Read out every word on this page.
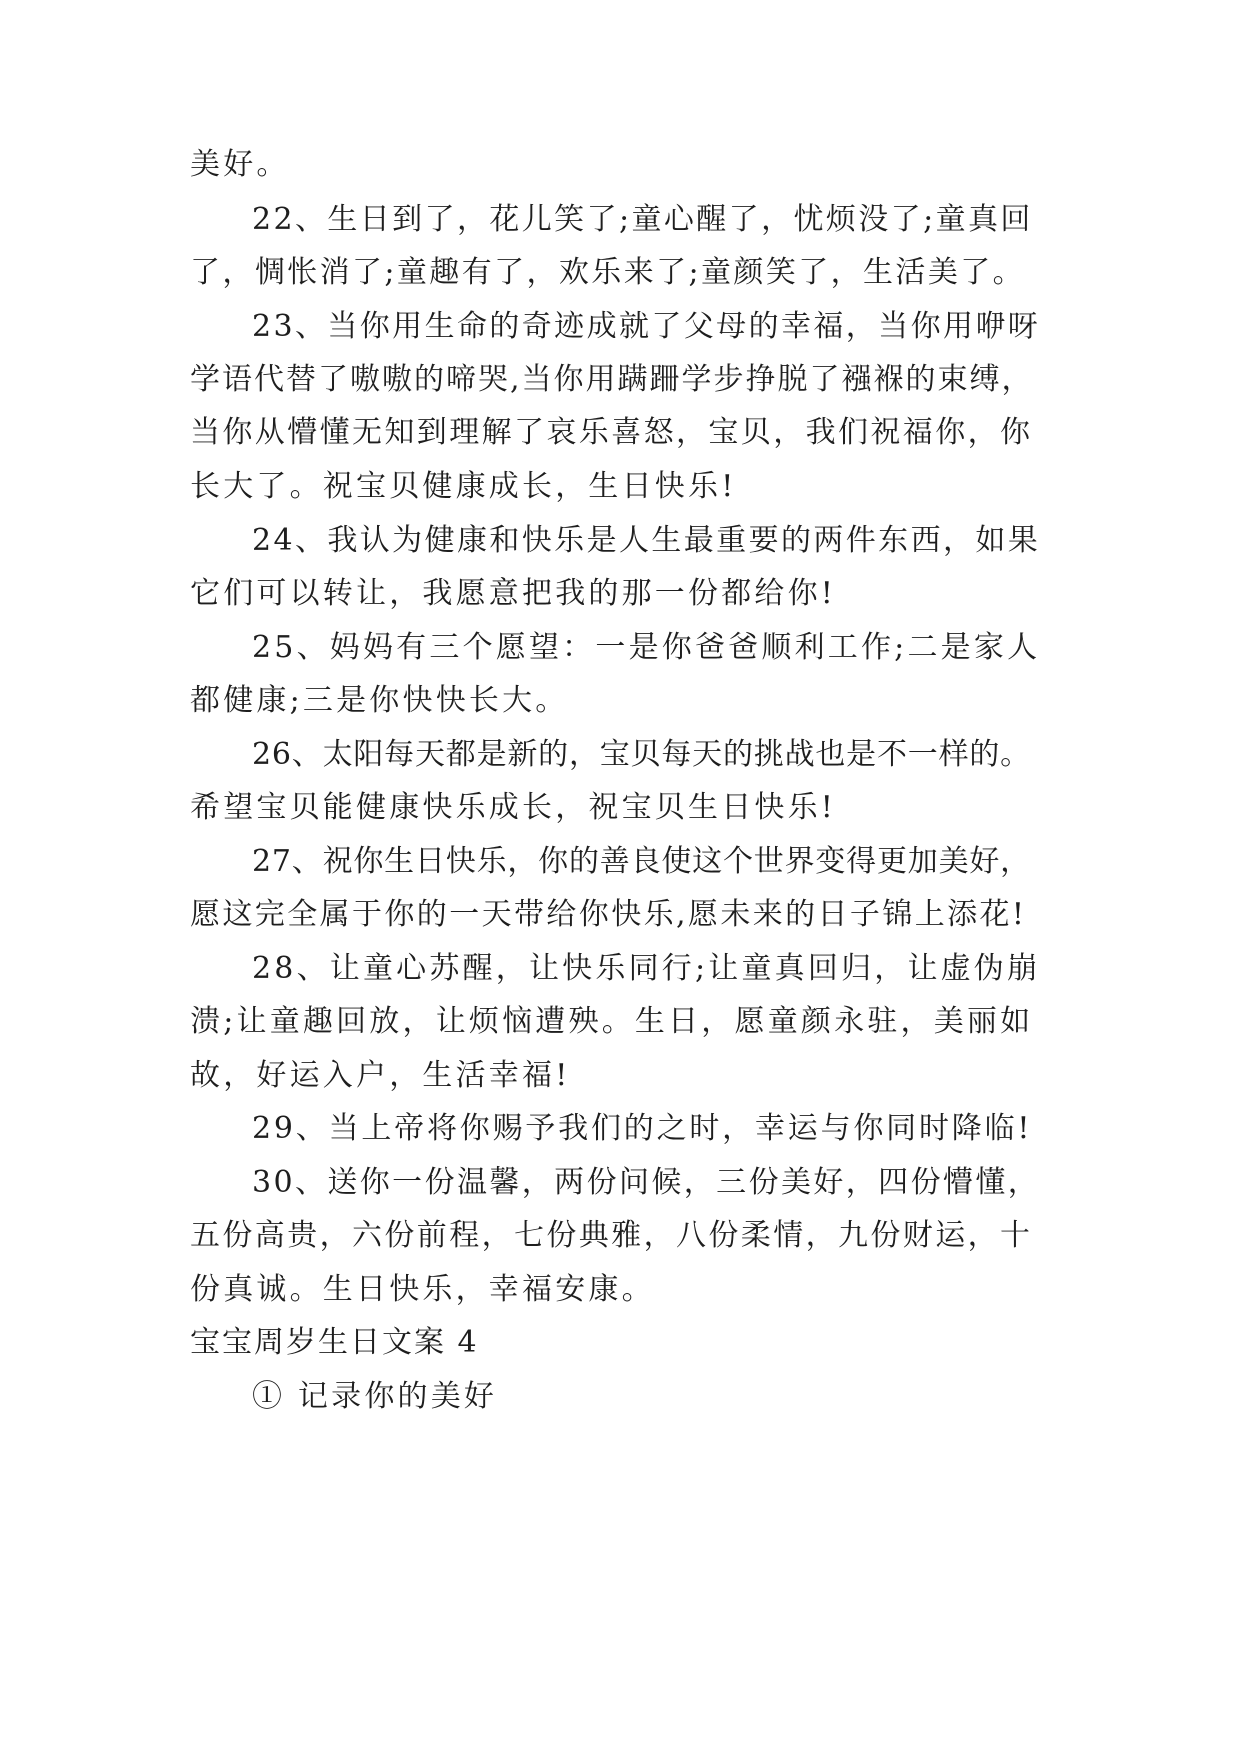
美好。
22、生日到了，花儿笑了;童心醒了，忧烦没了;童真回
了，惆怅消了;童趣有了，欢乐来了;童颜笑了，生活美了。
23、当你用生命的奇迹成就了父母的幸福，当你用咿呀
学语代替了嗷嗷的啼哭,当你用蹒跚学步挣脱了襁褓的束缚，
当你从懵懂无知到理解了哀乐喜怒，宝贝，我们祝福你，你
长大了。祝宝贝健康成长，生日快乐!
24、我认为健康和快乐是人生最重要的两件东西，如果
它们可以转让，我愿意把我的那一份都给你!
25、妈妈有三个愿望：一是你爸爸顺利工作;二是家人
都健康;三是你快快长大。
26、太阳每天都是新的，宝贝每天的挑战也是不一样的。
希望宝贝能健康快乐成长，祝宝贝生日快乐!
27、祝你生日快乐，你的善良使这个世界变得更加美好，
愿这完全属于你的一天带给你快乐,愿未来的日子锦上添花!
28、让童心苏醒，让快乐同行;让童真回归，让虚伪崩
溃;让童趣回放，让烦恼遭殃。生日，愿童颜永驻，美丽如
故，好运入户，生活幸福!
29、当上帝将你赐予我们的之时，幸运与你同时降临!
30、送你一份温馨，两份问候，三份美好，四份懵懂，
五份高贵，六份前程，七份典雅，八份柔情，九份财运，十
份真诚。生日快乐，幸福安康。
宝宝周岁生日文案 4
① 记录你的美好
